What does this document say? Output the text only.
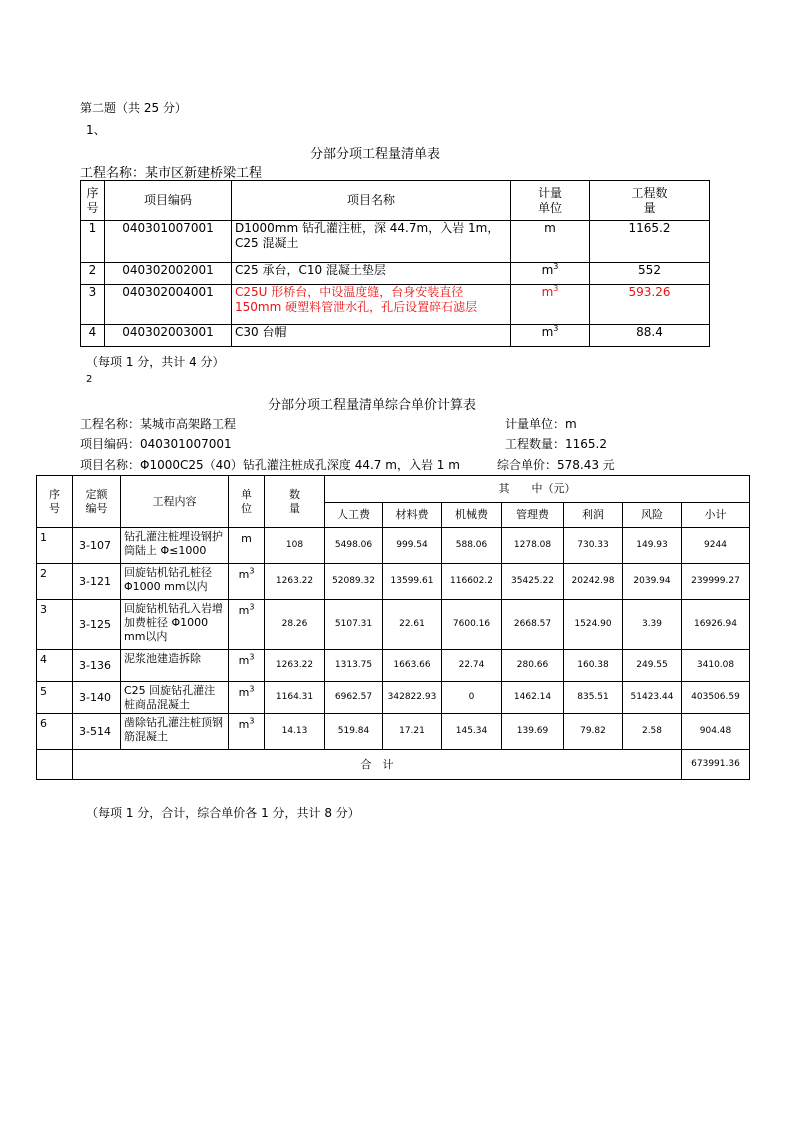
第二题（共 25 分）
1、
分部分项工程量清单表
工程名称：某市区新建桥梁工程
序号	项目编码	项目名称	计量单位	工程数量
1	040301007001	D1000mm 钻孔灌注桩，深 44.7m，入岩 1m，C25 混凝土	m	1165.2
2	040302002001	C25 承台，C10 混凝土垫层	$m^3$	552
3	040302004001	C25U 形桥台，中设温度缝，台身安装直径 150mm 硬塑料管泄水孔，孔后设置碎石滤层	$m^3$	593.26
4	040302003001	C30 台帽	$m^3$	88.4
（每项 1 分，共计 4 分）
2
分部分项工程量清单综合单价计算表
工程名称：某城市高架路工程	计量单位：m
项目编码：040301007001	工程数量：1165.2
项目名称：Φ1000C25（40）钻孔灌注桩成孔深度 44.7 m，入岩 1 m	综合单价：578.43 元
序号	定额编号	工程内容	单位	数量	其　　中（元）						
					人工费	材料费	机械费	管理费	利润	风险	小计
1	3-107	钻孔灌注桩埋设钢护筒陆上 Φ≤1000	m	108	5498.06	999.54	588.06	1278.08	730.33	149.93	9244
2	3-121	回旋钻机钻孔桩径 Φ1000 mm以内	$m^3$	1263.22	52089.32	13599.61	116602.2	35425.22	20242.98	2039.94	239999.27
3	3-125	回旋钻机钻孔入岩增加费桩径 Φ1000 mm以内	$m^3$	28.26	5107.31	22.61	7600.16	2668.57	1524.90	3.39	16926.94
4	3-136	泥浆池建造拆除	$m^3$	1263.22	1313.75	1663.66	22.74	280.66	160.38	249.55	3410.08
5	3-140	C25 回旋钻孔灌注桩商品混凝土	$m^3$	1164.31	6962.57	342822.93	0	1462.14	835.51	51423.44	403506.59
6	3-514	凿除钻孔灌注桩顶钢筋混凝土	$m^3$	14.13	519.84	17.21	145.34	139.69	79.82	2.58	904.48
	合　计										673991.36
（每项 1 分，合计，综合单价各 1 分，共计 8 分）
